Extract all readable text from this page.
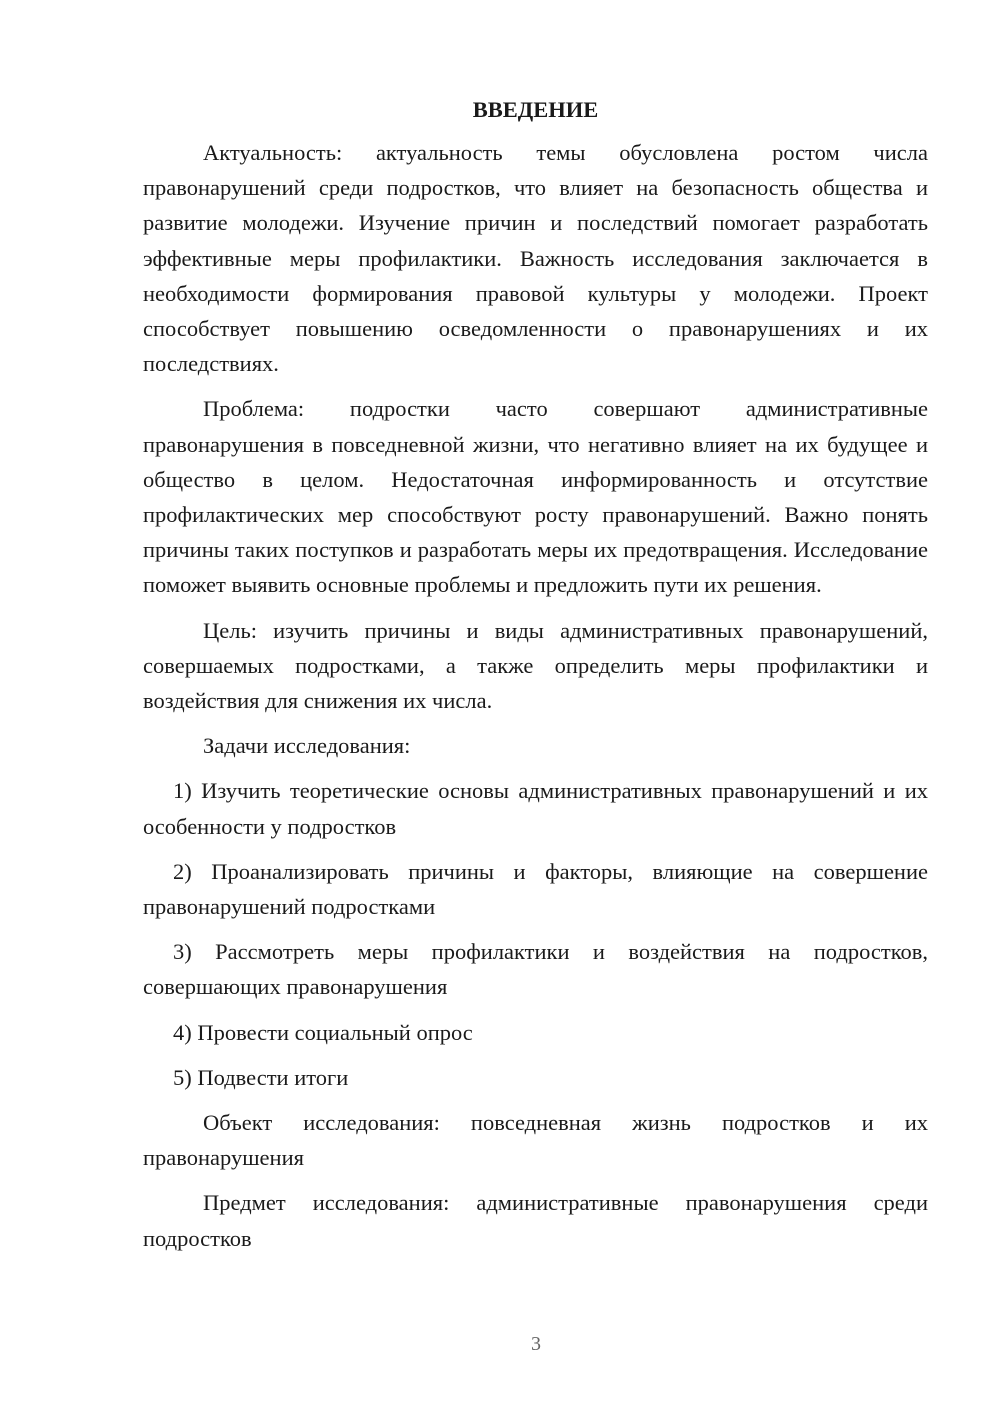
ВВЕДЕНИЕ

Актуальность: актуальность темы обусловлена ростом числа правонарушений среди подростков, что влияет на безопасность общества и развитие молодежи. Изучение причин и последствий помогает разработать эффективные меры профилактики. Важность исследования заключается в необходимости формирования правовой культуры у молодежи. Проект способствует повышению осведомленности о правонарушениях и их последствиях.

Проблема: подростки часто совершают административные правонарушения в повседневной жизни, что негативно влияет на их будущее и общество в целом. Недостаточная информированность и отсутствие профилактических мер способствуют росту правонарушений. Важно понять причины таких поступков и разработать меры их предотвращения. Исследование поможет выявить основные проблемы и предложить пути их решения.

Цель: изучить причины и виды административных правонарушений, совершаемых подростками, а также определить меры профилактики и воздействия для снижения их числа.

Задачи исследования:

1) Изучить теоретические основы административных правонарушений и их особенности у подростков

2) Проанализировать причины и факторы, влияющие на совершение правонарушений подростками

3) Рассмотреть меры профилактики и воздействия на подростков, совершающих правонарушения

4) Провести социальный опрос

5) Подвести итоги

Объект исследования: повседневная жизнь подростков и их правонарушения

Предмет исследования: административные правонарушения среди подростков

3
